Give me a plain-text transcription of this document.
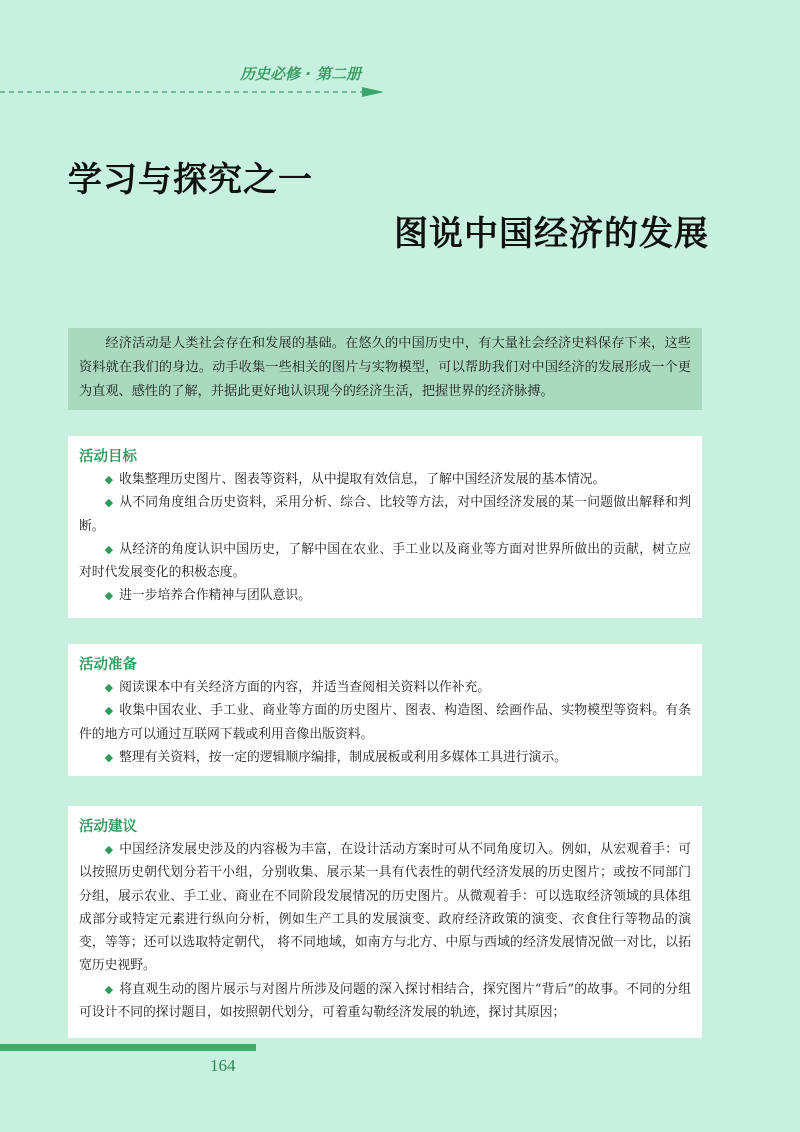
历史必修 · 第二册
学习与探究之一
图说中国经济的发展

经济活动是人类社会存在和发展的基础。在悠久的中国历史中，有大量社会经济史料保存下来，这些资料就在我们的身边。动手收集一些相关的图片与实物模型，可以帮助我们对中国经济的发展形成一个更为直观、感性的了解，并据此更好地认识现今的经济生活，把握世界的经济脉搏。

活动目标

◆ 收集整理历史图片、图表等资料，从中提取有效信息，了解中国经济发展的基本情况。

◆ 从不同角度组合历史资料，采用分析、综合、比较等方法，对中国经济发展的某一问题做出解释和判断。

◆ 从经济的角度认识中国历史，了解中国在农业、手工业以及商业等方面对世界所做出的贡献，树立应对时代发展变化的积极态度。

◆ 进一步培养合作精神与团队意识。

活动准备

◆ 阅读课本中有关经济方面的内容，并适当查阅相关资料以作补充。

◆ 收集中国农业、手工业、商业等方面的历史图片、图表、构造图、绘画作品、实物模型等资料。有条件的地方可以通过互联网下载或利用音像出版资料。

◆ 整理有关资料，按一定的逻辑顺序编排，制成展板或利用多媒体工具进行演示。

活动建议

◆ 中国经济发展史涉及的内容极为丰富，在设计活动方案时可从不同角度切入。例如，从宏观着手：可以按照历史朝代划分若干小组，分别收集、展示某一具有代表性的朝代经济发展的历史图片；或按不同部门分组，展示农业、手工业、商业在不同阶段发展情况的历史图片。从微观着手：可以选取经济领域的具体组成部分或特定元素进行纵向分析，例如生产工具的发展演变、政府经济政策的演变、衣食住行等物品的演变，等等；还可以选取特定朝代， 将不同地域，如南方与北方、中原与西域的经济发展情况做一对比，以拓宽历史视野。

◆ 将直观生动的图片展示与对图片所涉及问题的深入探讨相结合，探究图片“背后”的故事。不同的分组可设计不同的探讨题目，如按照朝代划分，可着重勾勒经济发展的轨迹，探讨其原因；

164
